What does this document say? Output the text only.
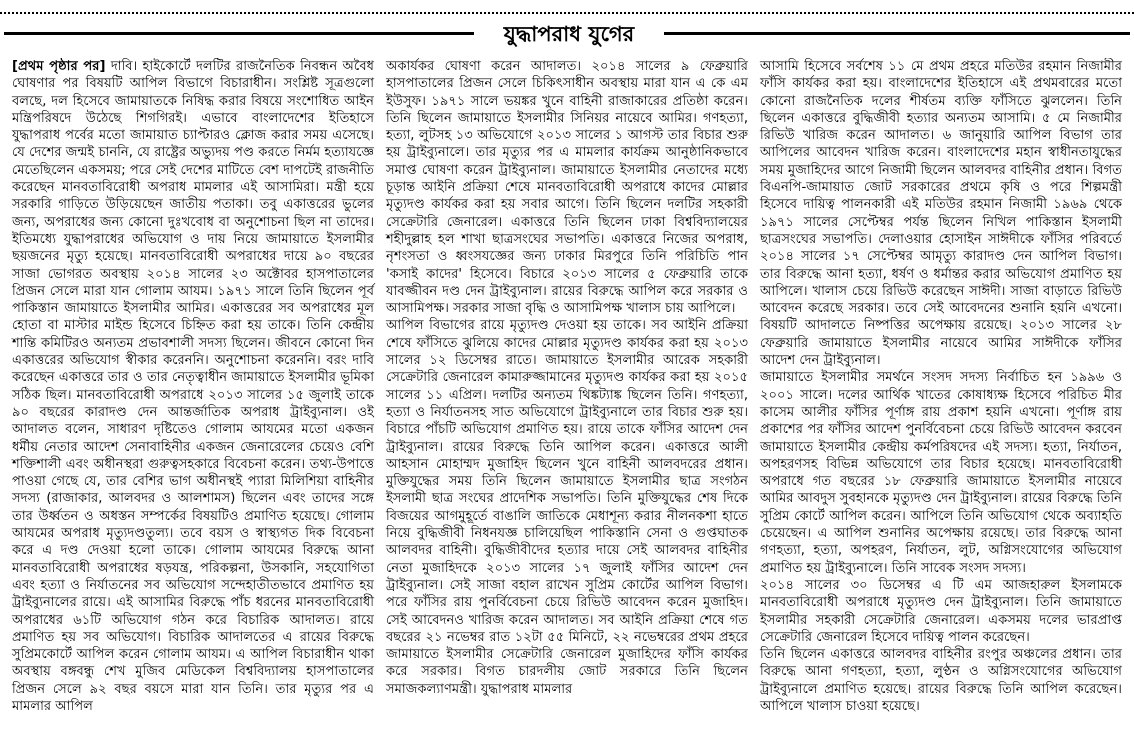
যুদ্ধাপরাধ যুগের

[প্রথম পৃষ্ঠার পর] দাবি। হাইকোর্টে দলটির রাজনৈতিক নিবন্ধন অবৈধ ঘোষণার পর বিষয়টি আপিল বিভাগে বিচারাধীন। সংশ্লিষ্ট সূত্রগুলো বলছে, দল হিসেবে জামায়াতকে নিষিদ্ধ করার বিষয়ে সংশোধিত আইন মন্ত্রিপরিষদে উঠেছে শিগগিরই। এভাবে বাংলাদেশের ইতিহাসে যুদ্ধাপরাধ পর্বের মতো জামায়াত চ্যাপ্টারও ক্লোজ করার সময় এসেছে। যে দেশের জন্মই চাননি, যে রাষ্ট্রের অভ্যুদয় পণ্ড করতে নির্মম হত্যাযজ্ঞে মেতেছিলেন একসময়; পরে সেই দেশের মাটিতে বেশ দাপটেই রাজনীতি করেছেন মানবতাবিরোধী অপরাধ মামলার এই আসামিরা। মন্ত্রী হয়ে সরকারি গাড়িতে উড়িয়েছেন জাতীয় পতাকা। তবু একাত্তরের ভুলের জন্য, অপরাধের জন্য কোনো দুঃখবোধ বা অনুশোচনা ছিল না তাদের। ইতিমধ্যে যুদ্ধাপরাধের অভিযোগ ও দায় নিয়ে জামায়াতে ইসলামীর ছয়জনের মৃত্যু হয়েছে। মানবতাবিরোধী অপরাধের দায়ে ৯০ বছরের সাজা ভোগরত অবস্থায় ২০১৪ সালের ২৩ অক্টোবর হাসপাতালের প্রিজন সেলে মারা যান গোলাম আযম। ১৯৭১ সালে তিনি ছিলেন পূর্ব পাকিস্তান জামায়াতে ইসলামীর আমির। একাত্তরের সব অপরাধের মূল হোতা বা মাস্টার মাইন্ড হিসেবে চিহ্নিত করা হয় তাকে। তিনি কেন্দ্রীয় শান্তি কমিটিরও অন্যতম প্রভাবশালী সদস্য ছিলেন। জীবনে কোনো দিন একাত্তরের অভিযোগ স্বীকার করেননি। অনুশোচনা করেননি। বরং দাবি করেছেন একাত্তরে তার ও তার নেতৃত্বাধীন জামায়াতে ইসলামীর ভূমিকা সঠিক ছিল। মানবতাবিরোধী অপরাধে ২০১৩ সালের ১৫ জুলাই তাকে ৯০ বছরের কারাদণ্ড দেন আন্তর্জাতিক অপরাধ ট্রাইব্যুনাল। ওই আদালত বলেন, সাধারণ দৃষ্টিতেও গোলাম আযমের মতো একজন ধর্মীয় নেতার আদেশ সেনাবাহিনীর একজন জেনারেলের চেয়েও বেশি শক্তিশালী এবং অধীনস্থরা গুরুত্বসহকারে বিবেচনা করেন। তথ্য-উপাত্তে পাওয়া গেছে যে, তার বেশির ভাগ অধীনস্থই প্যারা মিলিশিয়া বাহিনীর সদস্য (রাজাকার, আলবদর ও আলশামস) ছিলেন এবং তাদের সঙ্গে তার উর্ধ্বতন ও অধস্তন সম্পর্কের বিষয়টিও প্রমাণিত হয়েছে। গোলাম আযমের অপরাধ মৃত্যুদণ্ডতুল্য। তবে বয়স ও স্বাস্থ্যগত দিক বিবেচনা করে এ দণ্ড দেওয়া হলো তাকে। গোলাম আযমের বিরুদ্ধে আনা মানবতাবিরোধী অপরাধের ষড়যন্ত্র, পরিকল্পনা, উসকানি, সহযোগিতা এবং হত্যা ও নির্যাতনের সব অভিযোগ সন্দেহাতীতভাবে প্রমাণিত হয় ট্রাইব্যুনালের রায়ে। এই আসামির বিরুদ্ধে পাঁচ ধরনের মানবতাবিরোধী অপরাধের ৬১টি অভিযোগ গঠন করে বিচারিক আদালত। রায়ে প্রমাণিত হয় সব অভিযোগ। বিচারিক আদালতের এ রায়ের বিরুদ্ধে সুপ্রিমকোর্টে আপিল করেন গোলাম আযম। এ আপিল বিচারাধীন থাকা অবস্থায় বঙ্গবন্ধু শেখ মুজিব মেডিকেল বিশ্ববিদ্যালয় হাসপাতালের প্রিজন সেলে ৯২ বছর বয়সে মারা যান তিনি। তার মৃত্যুর পর এ মামলার আপিল

অকার্যকর ঘোষণা করেন আদালত। ২০১৪ সালের ৯ ফেব্রুয়ারি হাসপাতালের প্রিজন সেলে চিকিৎসাধীন অবস্থায় মারা যান এ কে এম ইউসুফ। ১৯৭১ সালে ভয়ঙ্কর খুনে বাহিনী রাজাকারের প্রতিষ্ঠা করেন। তিনি ছিলেন জামায়াতে ইসলামীর সিনিয়র নায়েবে আমির। গণহত্যা, হত্যা, লুটসহ ১৩ অভিযোগে ২০১৩ সালের ১ আগস্ট তার বিচার শুরু হয় ট্রাইব্যুনালে। তার মৃত্যুর পর এ মামলার কার্যক্রম আনুষ্ঠানিকভাবে সমাপ্ত ঘোষণা করেন ট্রাইব্যুনাল। জামায়াতে ইসলামীর নেতাদের মধ্যে চূড়ান্ত আইনি প্রক্রিয়া শেষে মানবতাবিরোধী অপরাধে কাদের মোল্লার মৃত্যুদণ্ড কার্যকর করা হয় সবার আগে। তিনি ছিলেন দলটির সহকারী সেক্রেটারি জেনারেল। একাত্তরে তিনি ছিলেন ঢাকা বিশ্ববিদ্যালয়ের শহীদুল্লাহ হল শাখা ছাত্রসংঘের সভাপতি। একাত্তরে নিজের অপরাধ, নৃশংসতা ও ধ্বংসযজ্ঞের জন্য ঢাকার মিরপুরে তিনি পরিচিতি পান 'কসাই কাদের' হিসেবে। বিচারে ২০১৩ সালের ৫ ফেব্রুয়ারি তাকে যাবজ্জীবন দণ্ড দেন ট্রাইব্যুনাল। রায়ের বিরুদ্ধে আপিল করে সরকার ও আসামিপক্ষ। সরকার সাজা বৃদ্ধি ও আসামিপক্ষ খালাস চায় আপিলে।

আপিল বিভাগের রায়ে মৃত্যুদণ্ড দেওয়া হয় তাকে। সব আইনি প্রক্রিয়া শেষে ফাঁসিতে ঝুলিয়ে কাদের মোল্লার মৃত্যুদণ্ড কার্যকর করা হয় ২০১৩ সালের ১২ ডিসেম্বর রাতে। জামায়াতে ইসলামীর আরেক সহকারী সেক্রেটারি জেনারেল কামারুজ্জামানের মৃত্যুদণ্ড কার্যকর করা হয় ২০১৫ সালের ১১ এপ্রিল। দলটির অন্যতম থিঙ্কট্যাঙ্ক ছিলেন তিনি। গণহত্যা, হত্যা ও নির্যাতনসহ সাত অভিযোগে ট্রাইব্যুনালে তার বিচার শুরু হয়। বিচারে পাঁচটি অভিযোগ প্রমাণিত হয়। রায়ে তাকে ফাঁসির আদেশ দেন ট্রাইব্যুনাল। রায়ের বিরুদ্ধে তিনি আপিল করেন। একাত্তরে আলী আহসান মোহাম্মদ মুজাহিদ ছিলেন খুনে বাহিনী আলবদরের প্রধান। মুক্তিযুদ্ধের সময় তিনি ছিলেন জামায়াতে ইসলামীর ছাত্র সংগঠন ইসলামী ছাত্র সংঘের প্রাদেশিক সভাপতি। তিনি মুক্তিযুদ্ধের শেষ দিকে বিজয়ের আগমুহূর্তে বাঙালি জাতিকে মেধাশূন্য করার নীলনকশা হাতে নিয়ে বুদ্ধিজীবী নিধনযজ্ঞ চালিয়েছিল পাকিস্তানি সেনা ও গুপ্তঘাতক আলবদর বাহিনী। বুদ্ধিজীবীদের হত্যার দায়ে সেই আলবদর বাহিনীর নেতা মুজাহিদকে ২০১৩ সালের ১৭ জুলাই ফাঁসির আদেশ দেন ট্রাইব্যুনাল। সেই সাজা বহাল রাখেন সুপ্রিম কোর্টের আপিল বিভাগ। পরে ফাঁসির রায় পুনর্বিবেচনা চেয়ে রিভিউ আবেদন করেন মুজাহিদ। সেই আবেদনও খারিজ করেন আদালত। সব আইনি প্রক্রিয়া শেষে গত বছরের ২১ নভেম্বর রাত ১২টা ৫৫ মিনিটে, ২২ নভেম্বরের প্রথম প্রহরে জামায়াতে ইসলামীর সেক্রেটারি জেনারেল মুজাহিদের ফাঁসি কার্যকর করে সরকার। বিগত চারদলীয় জোট সরকারে তিনি ছিলেন সমাজকল্যাণমন্ত্রী। যুদ্ধাপরাধ মামলার

আসামি হিসেবে সর্বশেষ ১১ মে প্রথম প্রহরে মতিউর রহমান নিজামীর ফাঁসি কার্যকর করা হয়। বাংলাদেশের ইতিহাসে এই প্রথমবারের মতো কোনো রাজনৈতিক দলের শীর্ষতম ব্যক্তি ফাঁসিতে ঝুললেন। তিনি ছিলেন একাত্তরে বুদ্ধিজীবী হত্যার অন্যতম আসামি। ৫ মে নিজামীর রিভিউ খারিজ করেন আদালত। ৬ জানুয়ারি আপিল বিভাগ তার আপিলের আবেদন খারিজ করেন। বাংলাদেশের মহান স্বাধীনতাযুদ্ধের সময় মুজাহিদের আগে নিজামী ছিলেন আলবদর বাহিনীর প্রধান। বিগত বিএনপি-জামায়াত জোট সরকারের প্রথমে কৃষি ও পরে শিল্পমন্ত্রী হিসেবে দায়িত্ব পালনকারী এই মতিউর রহমান নিজামী ১৯৬৯ থেকে ১৯৭১ সালের সেপ্টেম্বর পর্যন্ত ছিলেন নিখিল পাকিস্তান ইসলামী ছাত্রসংঘের সভাপতি। দেলাওয়ার হোসাইন সাঈদীকে ফাঁসির পরিবর্তে ২০১৪ সালের ১৭ সেপ্টেম্বর আমৃত্যু কারাদণ্ড দেন আপিল বিভাগ। তার বিরুদ্ধে আনা হত্যা, ধর্ষণ ও ধর্মান্তর করার অভিযোগ প্রমাণিত হয় আপিলে। খালাস চেয়ে রিভিউ করেছেন সাঈদী। সাজা বাড়াতে রিভিউ আবেদন করেছে সরকার। তবে সেই আবেদনের শুনানি হয়নি এখনো। বিষয়টি আদালতে নিষ্পত্তির অপেক্ষায় রয়েছে। ২০১৩ সালের ২৮ ফেব্রুয়ারি জামায়াতে ইসলামীর নায়েবে আমির সাঈদীকে ফাঁসির আদেশ দেন ট্রাইব্যুনাল।

জামায়াতে ইসলামীর সমর্থনে সংসদ সদস্য নির্বাচিত হন ১৯৯৬ ও ২০০১ সালে। দলের আর্থিক খাতের কোষাধ্যক্ষ হিসেবে পরিচিত মীর কাসেম আলীর ফাঁসির পূর্ণাঙ্গ রায় প্রকাশ হয়নি এখনো। পূর্ণাঙ্গ রায় প্রকাশের পর ফাঁসির আদেশ পুনর্বিবেচনা চেয়ে রিভিউ আবেদন করবেন জামায়াতে ইসলামীর কেন্দ্রীয় কর্মপরিষদের এই সদস্য। হত্যা, নির্যাতন, অপহরণসহ বিভিন্ন অভিযোগে তার বিচার হয়েছে। মানবতাবিরোধী অপরাধে গত বছরের ১৮ ফেব্রুয়ারি জামায়াতে ইসলামীর নায়েবে আমির আবদুস সুবহানকে মৃত্যুদণ্ড দেন ট্রাইব্যুনাল। রায়ের বিরুদ্ধে তিনি সুপ্রিম কোর্টে আপিল করেন। আপিলে তিনি অভিযোগ থেকে অব্যাহতি চেয়েছেন। এ আপিল শুনানির অপেক্ষায় রয়েছে। তার বিরুদ্ধে আনা গণহত্যা, হত্যা, অপহরণ, নির্যাতন, লুট, অগ্নিসংযোগের অভিযোগ প্রমাণিত হয় ট্রাইব্যুনালে। তিনি সাবেক সংসদ সদস্য।

২০১৪ সালের ৩০ ডিসেম্বর এ টি এম আজহারুল ইসলামকে মানবতাবিরোধী অপরাধে মৃত্যুদণ্ড দেন ট্রাইব্যুনাল। তিনি জামায়াতে ইসলামীর সহকারী সেক্রেটারি জেনারেল। একসময় দলের ভারপ্রাপ্ত সেক্রেটারি জেনারেল হিসেবে দায়িত্ব পালন করেছেন।

তিনি ছিলেন একাত্তরে আলবদর বাহিনীর রংপুর অঞ্চলের প্রধান। তার বিরুদ্ধে আনা গণহত্যা, হত্যা, লুণ্ঠন ও অগ্নিসংযোগের অভিযোগ ট্রাইব্যুনালে প্রমাণিত হয়েছে। রায়ের বিরুদ্ধে তিনি আপিল করেছেন। আপিলে খালাস চাওয়া হয়েছে।
